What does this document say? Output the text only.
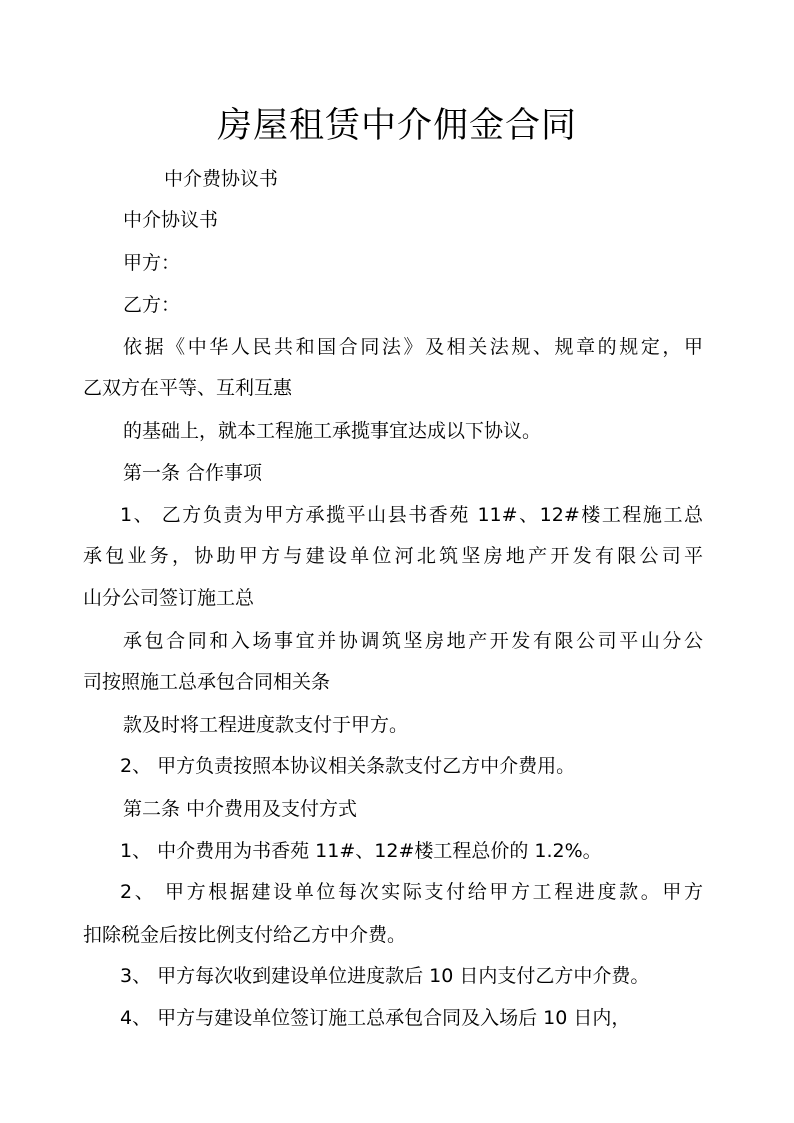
房屋租赁中介佣金合同
中介费协议书
中介协议书
甲方：
乙方：
依据《中华人民共和国合同法》及相关法规、规章的规定，甲
乙双方在平等、互利互惠
的基础上，就本工程施工承揽事宜达成以下协议。
第一条 合作事项
1、 乙方负责为甲方承揽平山县书香苑 11#、12#楼工程施工总
承包业务，协助甲方与建设单位河北筑坚房地产开发有限公司平
山分公司签订施工总
承包合同和入场事宜并协调筑坚房地产开发有限公司平山分公
司按照施工总承包合同相关条
款及时将工程进度款支付于甲方。
2、 甲方负责按照本协议相关条款支付乙方中介费用。
第二条 中介费用及支付方式
1、 中介费用为书香苑 11#、12#楼工程总价的 1.2%。
2、 甲方根据建设单位每次实际支付给甲方工程进度款。甲方
扣除税金后按比例支付给乙方中介费。
3、 甲方每次收到建设单位进度款后 10 日内支付乙方中介费。
4、 甲方与建设单位签订施工总承包合同及入场后 10 日内，
